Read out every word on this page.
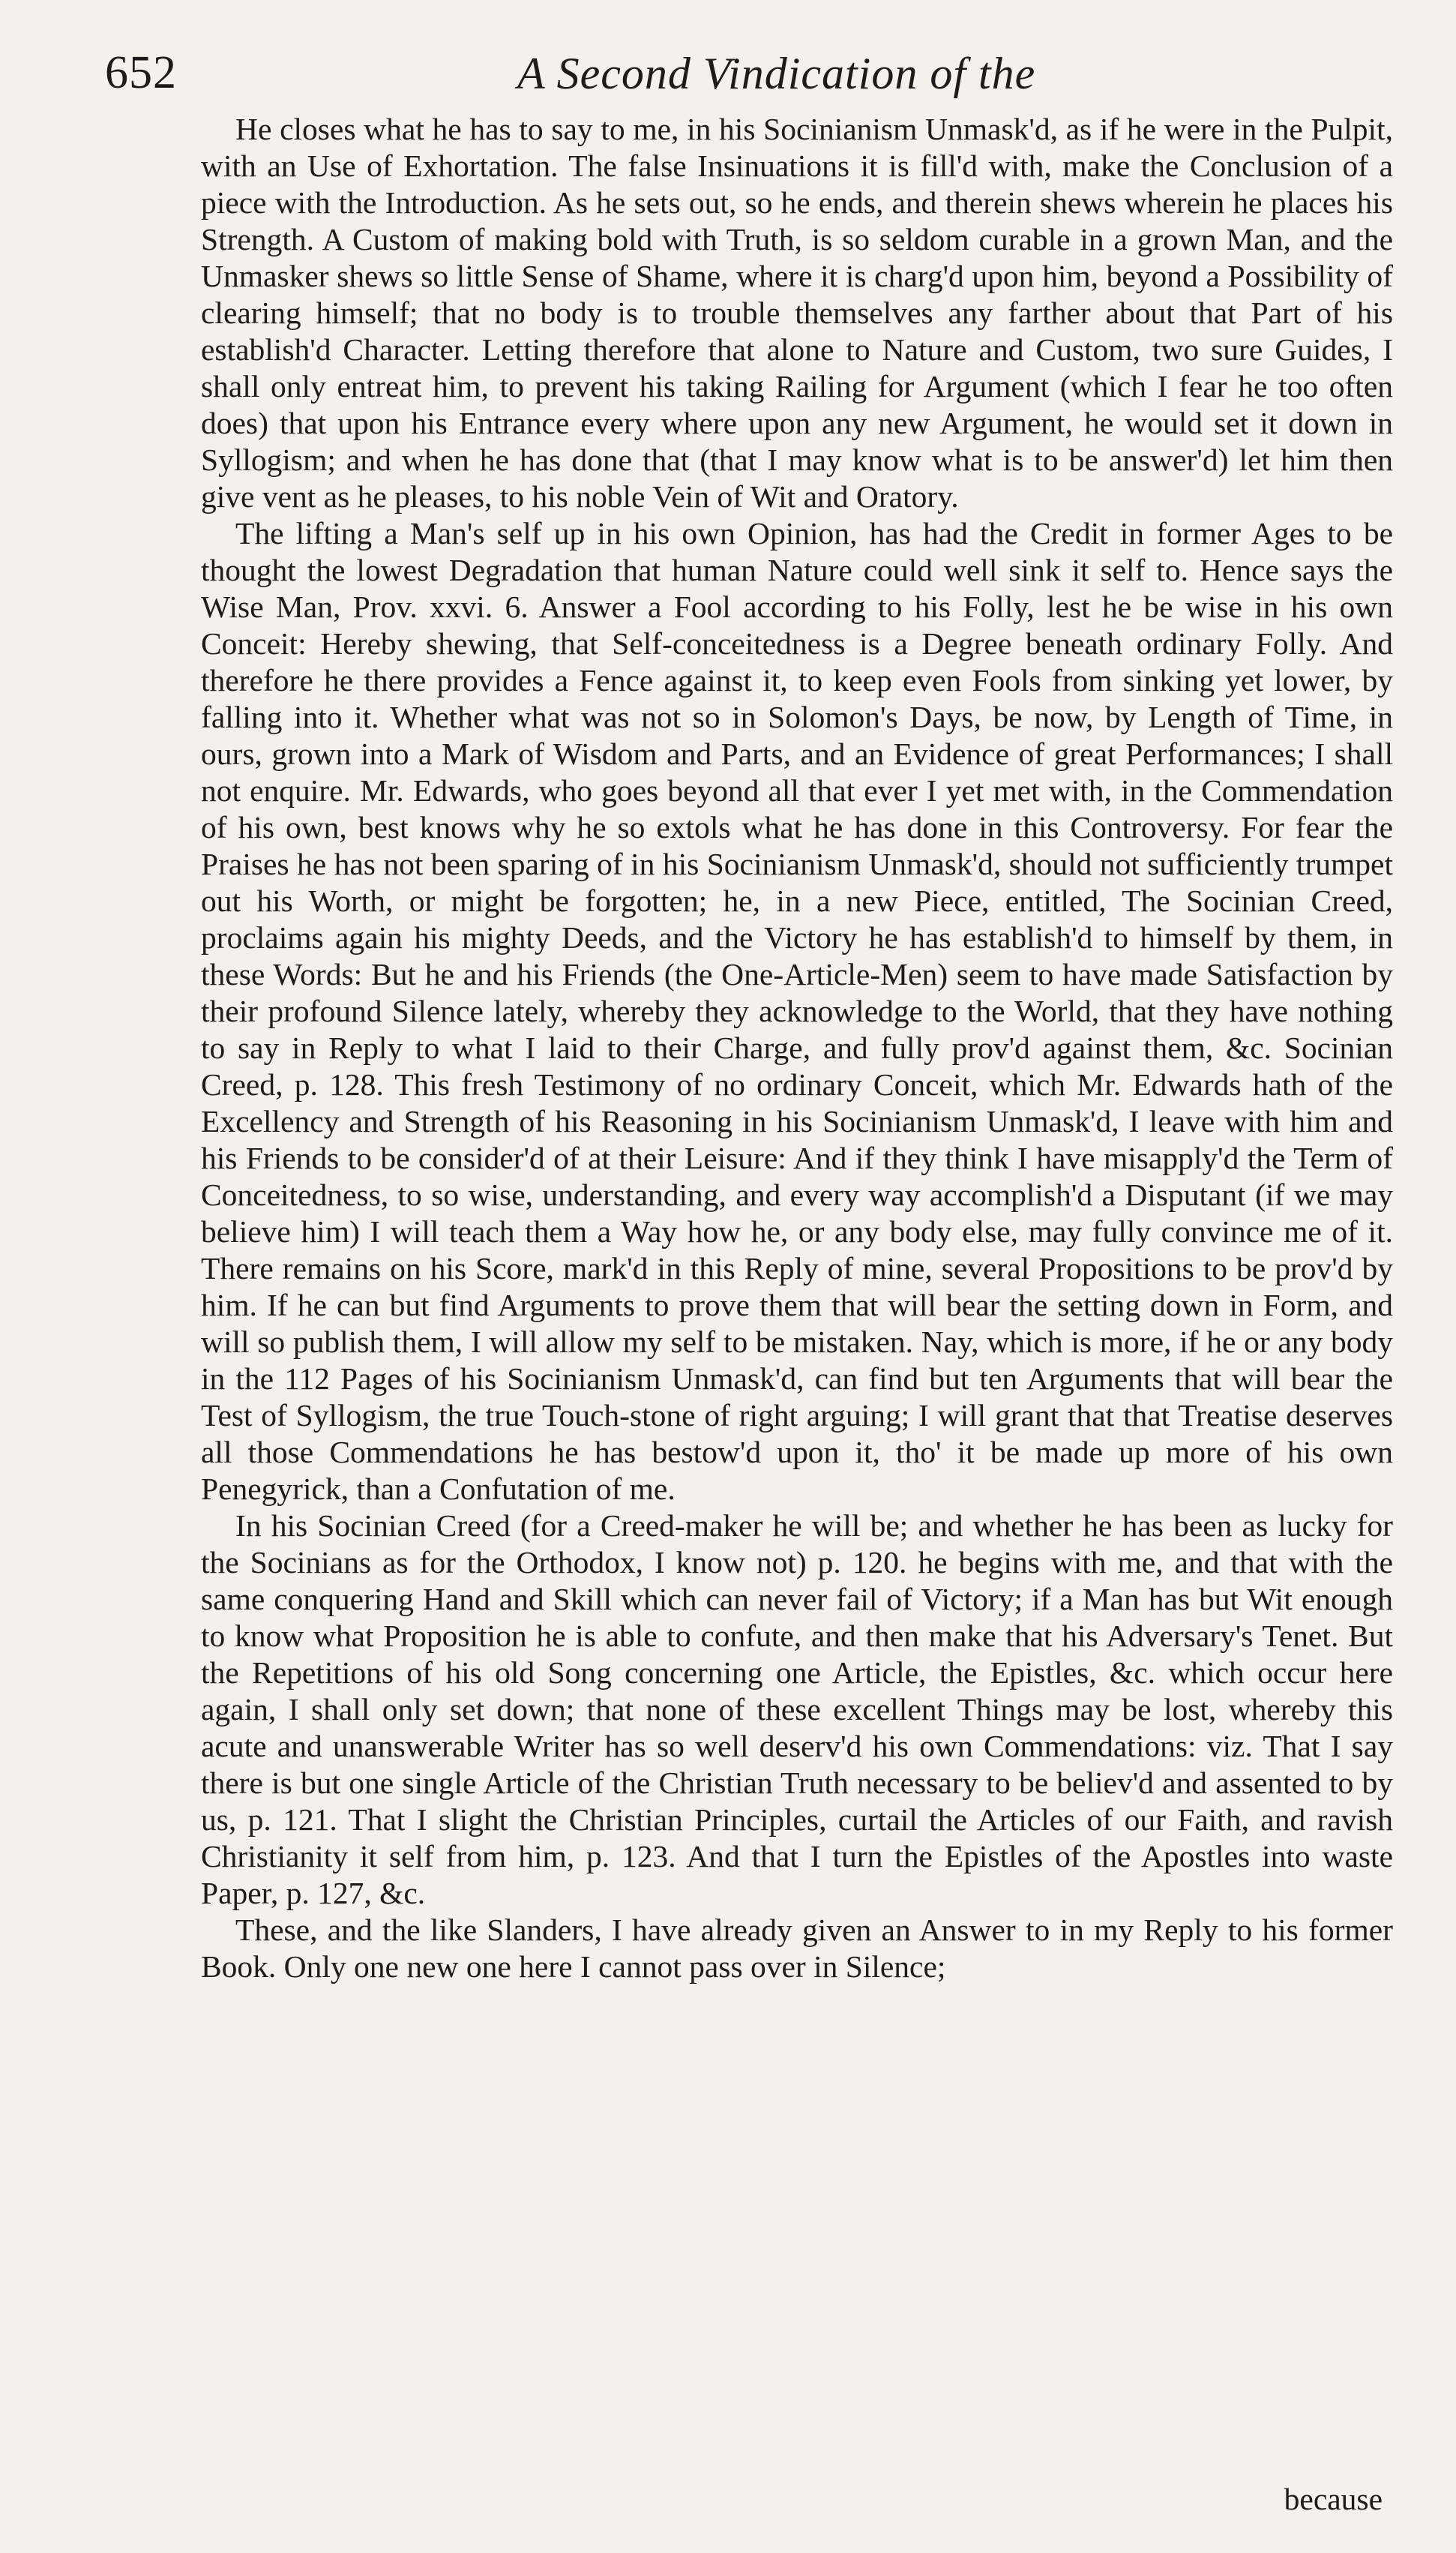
652	A Second Vindication of the

He closes what he has to say to me, in his Socinianism Unmask'd, as if he were in the Pulpit, with an Use of Exhortation. The false Insinuations it is fill'd with, make the Conclusion of a piece with the Introduction. As he sets out, so he ends, and therein shews wherein he places his Strength. A Custom of making bold with Truth, is so seldom curable in a grown Man, and the Unmasker shews so little Sense of Shame, where it is charg'd upon him, beyond a Possibility of clearing himself; that no body is to trouble themselves any farther about that Part of his establish'd Character. Letting therefore that alone to Nature and Custom, two sure Guides, I shall only entreat him, to prevent his taking Railing for Argument (which I fear he too often does) that upon his Entrance every where upon any new Argument, he would set it down in Syllogism; and when he has done that (that I may know what is to be answer'd) let him then give vent as he pleases, to his noble Vein of Wit and Oratory.

The lifting a Man's self up in his own Opinion, has had the Credit in former Ages to be thought the lowest Degradation that human Nature could well sink it self to. Hence says the Wise Man, Prov. xxvi. 6. Answer a Fool according to his Folly, lest he be wise in his own Conceit: Hereby shewing, that Self-conceitedness is a Degree beneath ordinary Folly. And therefore he there provides a Fence against it, to keep even Fools from sinking yet lower, by falling into it. Whether what was not so in Solomon's Days, be now, by Length of Time, in ours, grown into a Mark of Wisdom and Parts, and an Evidence of great Performances; I shall not enquire. Mr. Edwards, who goes beyond all that ever I yet met with, in the Commendation of his own, best knows why he so extols what he has done in this Controversy. For fear the Praises he has not been sparing of in his Socinianism Unmask'd, should not sufficiently trumpet out his Worth, or might be forgotten; he, in a new Piece, entitled, The Socinian Creed, proclaims again his mighty Deeds, and the Victory he has establish'd to himself by them, in these Words: But he and his Friends (the One-Article-Men) seem to have made Satisfaction by their profound Silence lately, whereby they acknowledge to the World, that they have nothing to say in Reply to what I laid to their Charge, and fully prov'd against them, &c. Socinian Creed, p. 128. This fresh Testimony of no ordinary Conceit, which Mr. Edwards hath of the Excellency and Strength of his Reasoning in his Socinianism Unmask'd, I leave with him and his Friends to be consider'd of at their Leisure: And if they think I have misapply'd the Term of Conceitedness, to so wise, understanding, and every way accomplish'd a Disputant (if we may believe him) I will teach them a Way how he, or any body else, may fully convince me of it. There remains on his Score, mark'd in this Reply of mine, several Propositions to be prov'd by him. If he can but find Arguments to prove them that will bear the setting down in Form, and will so publish them, I will allow my self to be mistaken. Nay, which is more, if he or any body in the 112 Pages of his Socinianism Unmask'd, can find but ten Arguments that will bear the Test of Syllogism, the true Touch-stone of right arguing; I will grant that that Treatise deserves all those Commendations he has bestow'd upon it, tho' it be made up more of his own Penegyrick, than a Confutation of me.

In his Socinian Creed (for a Creed-maker he will be; and whether he has been as lucky for the Socinians as for the Orthodox, I know not) p. 120. he begins with me, and that with the same conquering Hand and Skill which can never fail of Victory; if a Man has but Wit enough to know what Proposition he is able to confute, and then make that his Adversary's Tenet. But the Repetitions of his old Song concerning one Article, the Epistles, &c. which occur here again, I shall only set down; that none of these excellent Things may be lost, whereby this acute and unanswerable Writer has so well deserv'd his own Commendations: viz. That I say there is but one single Article of the Christian Truth necessary to be believ'd and assented to by us, p. 121. That I slight the Christian Principles, curtail the Articles of our Faith, and ravish Christianity it self from him, p. 123. And that I turn the Epistles of the Apostles into waste Paper, p. 127, &c.

These, and the like Slanders, I have already given an Answer to in my Reply to his former Book. Only one new one here I cannot pass over in Silence;

because
